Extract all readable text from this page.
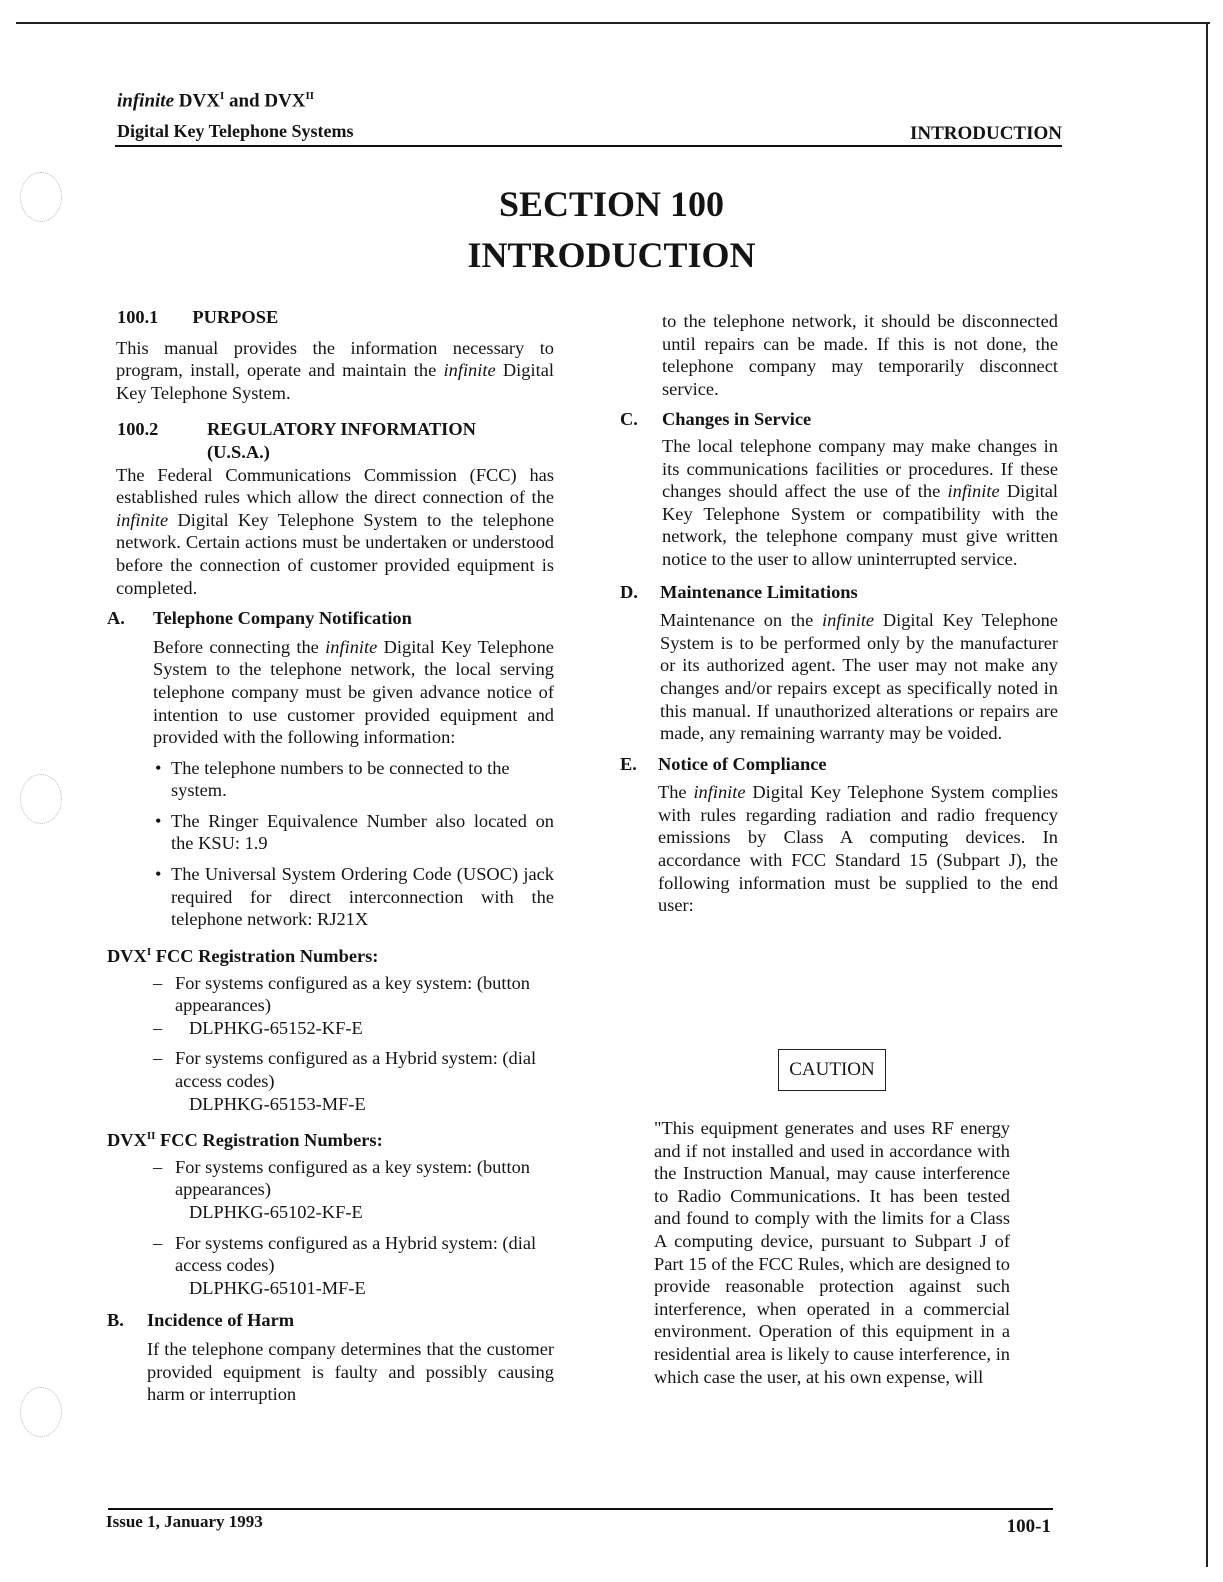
infinite $DVX^I$ and $DVX^{II}$
Digital Key Telephone Systems	INTRODUCTION
SECTION 100
INTRODUCTION

100.1 PURPOSE

This manual provides the information necessary to program, install, operate and maintain the infinite Digital Key Telephone System.

100.2	REGULATORY INFORMATION
(U.S.A.)

The Federal Communications Commission (FCC) has established rules which allow the direct connection of the infinite Digital Key Telephone System to the telephone network. Certain actions must be undertaken or understood before the connection of customer provided equipment is completed.

A. Telephone Company Notification

Before connecting the infinite Digital Key Telephone System to the telephone network, the local serving telephone company must be given advance notice of intention to use customer provided equipment and provided with the following information:

• The telephone numbers to be connected to the system.

• The Ringer Equivalence Number also located on the KSU: 1.9

• The Universal System Ordering Code (USOC) jack required for direct interconnection with the telephone network: RJ21X

$DVX^I$ FCC Registration Numbers:

– For systems configured as a key system: (button appearances)

– DLPHKG-65152-KF-E

– For systems configured as a Hybrid system: (dial access codes)

DLPHKG-65153-MF-E

$DVX^{II}$ FCC Registration Numbers:

– For systems configured as a key system: (button appearances)

DLPHKG-65102-KF-E

– For systems configured as a Hybrid system: (dial access codes)

DLPHKG-65101-MF-E

B. Incidence of Harm

If the telephone company determines that the customer provided equipment is faulty and possibly causing harm or interruption

to the telephone network, it should be disconnected until repairs can be made. If this is not done, the telephone company may temporarily disconnect service.

C. Changes in Service

The local telephone company may make changes in its communications facilities or procedures. If these changes should affect the use of the infinite Digital Key Telephone System or compatibility with the network, the telephone company must give written notice to the user to allow uninterrupted service.

D. Maintenance Limitations

Maintenance on the infinite Digital Key Telephone System is to be performed only by the manufacturer or its authorized agent. The user may not make any changes and/or repairs except as specifically noted in this manual. If unauthorized alterations or repairs are made, any remaining warranty may be voided.

E. Notice of Compliance

The infinite Digital Key Telephone System complies with rules regarding radiation and radio frequency emissions by Class A computing devices. In accordance with FCC Standard 15 (Subpart J), the following information must be supplied to the end user:

CAUTION
"This equipment generates and uses RF energy and if not installed and used in accordance with the Instruction Manual, may cause interference to Radio Communications. It has been tested and found to comply with the limits for a Class A computing device, pursuant to Subpart J of Part 15 of the FCC Rules, which are designed to provide reasonable protection against such interference, when operated in a commercial environment. Operation of this equipment in a residential area is likely to cause interference, in which case the user, at his own expense, will
Issue 1, January 1993	100-1
